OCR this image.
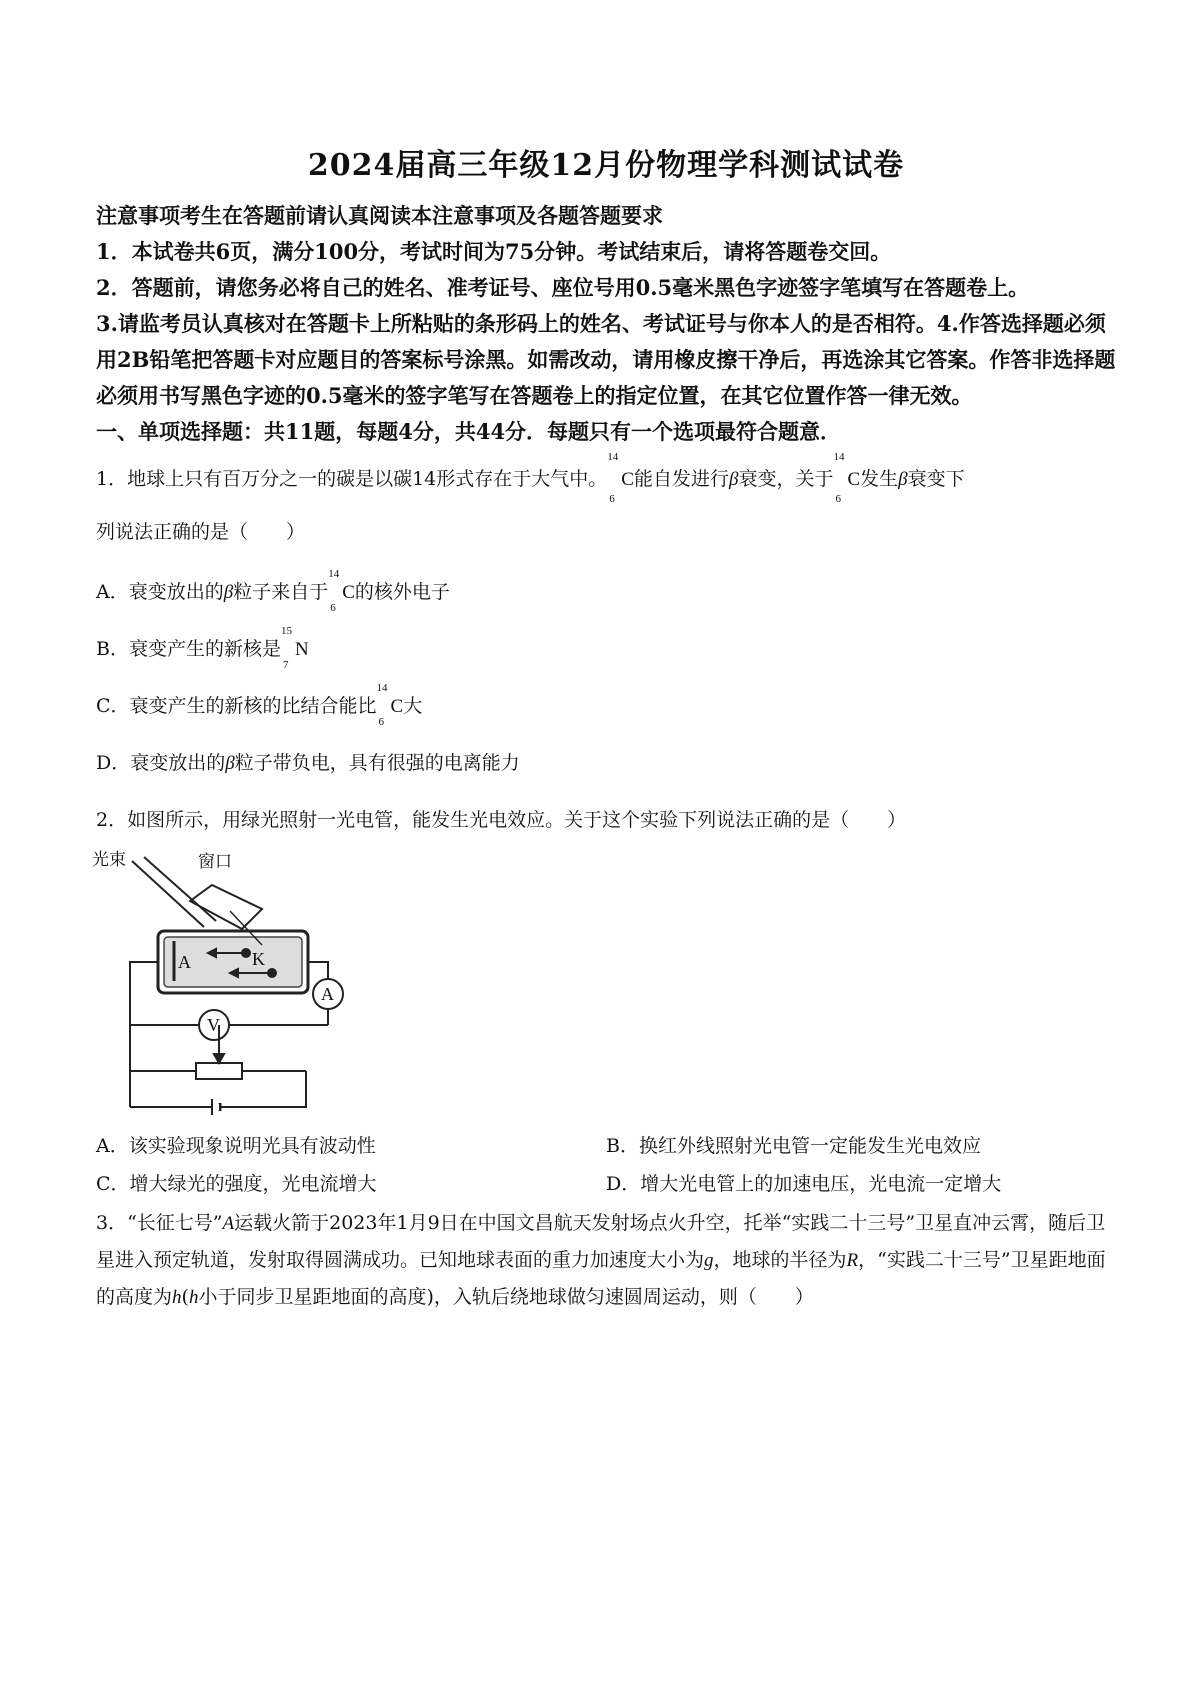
2024届高三年级12月份物理学科测试试卷

注意事项考生在答题前请认真阅读本注意事项及各题答题要求

1．本试卷共6页，满分100分，考试时间为75分钟。考试结束后，请将答题卷交回。

2．答题前，请您务必将自己的姓名、准考证号、座位号用0.5毫米黑色字迹签字笔填写在答题卷上。

3.请监考员认真核对在答题卡上所粘贴的条形码上的姓名、考试证号与你本人的是否相符。4.作答选择题必须用2B铅笔把答题卡对应题目的答案标号涂黑。如需改动，请用橡皮擦干净后，再选涂其它答案。作答非选择题必须用书写黑色字迹的0.5毫米的签字笔写在答题卷上的指定位置，在其它位置作答一律无效。

一、单项选择题：共11题，每题4分，共44分．每题只有一个选项最符合题意．

1．地球上只有百万分之一的碳是以碳14形式存在于大气中。
14
6
C能自发进行β衰变，关于
14
6
C发生β衰变下
列说法正确的是（　　）
A．衰变放出的β粒子来自于
14
6
C的核外电子
B．衰变产生的新核是
15
7
N
C．衰变产生的新核的比结合能比
14
6
C大
D．衰变放出的β粒子带负电，具有很强的电离能力
2．如图所示，用绿光照射一光电管，能发生光电效应。关于这个实验下列说法正确的是（　　）
光束	窗口
A	K
A
V
A．该实验现象说明光具有波动性	B．换红外线照射光电管一定能发生光电效应
C．增大绿光的强度，光电流增大	D．增大光电管上的加速电压，光电流一定增大
3．“长征七号”A运载火箭于2023年1月9日在中国文昌航天发射场点火升空，托举“实践二十三号”卫星直冲云霄，随后卫星进入预定轨道，发射取得圆满成功。已知地球表面的重力加速度大小为g，地球的半径为R，“实践二十三号”卫星距地面的高度为h(h小于同步卫星距地面的高度)，入轨后绕地球做匀速圆周运动，则（　　）
